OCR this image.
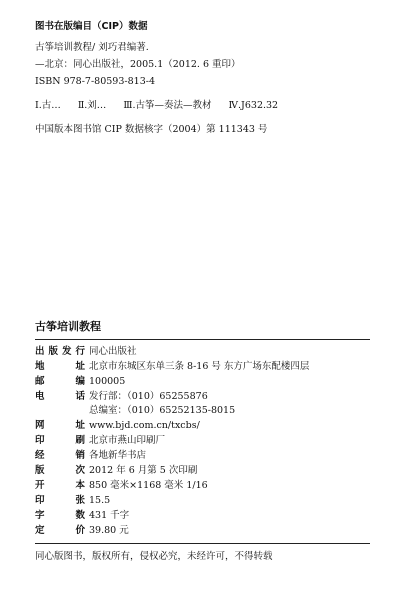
图书在版编目（CIP）数据
古筝培训教程/ 刘巧君编著.
—北京：同心出版社，2005.1（2012. 6 重印）
ISBN 978-7-80593-813-4
Ⅰ.古… Ⅱ.刘… Ⅲ.古筝—奏法—教材 Ⅳ.J632.32
中国版本图书馆 CIP 数据核字（2004）第 111343 号
古筝培训教程
出版发行 同心出版社
地址 北京市东城区东单三条 8-16 号 东方广场东配楼四层
邮编 100005
电话 发行部：（010）65255876
总编室：（010）65252135-8015
网址 www.bjd.com.cn/txcbs/
印刷 北京市燕山印刷厂
经销 各地新华书店
版次 2012 年 6 月第 5 次印刷
开本 850 毫米×1168 毫米 1/16
印张 15.5
字数 431 千字
定价 39.80 元
同心版图书，版权所有，侵权必究，未经许可，不得转载
